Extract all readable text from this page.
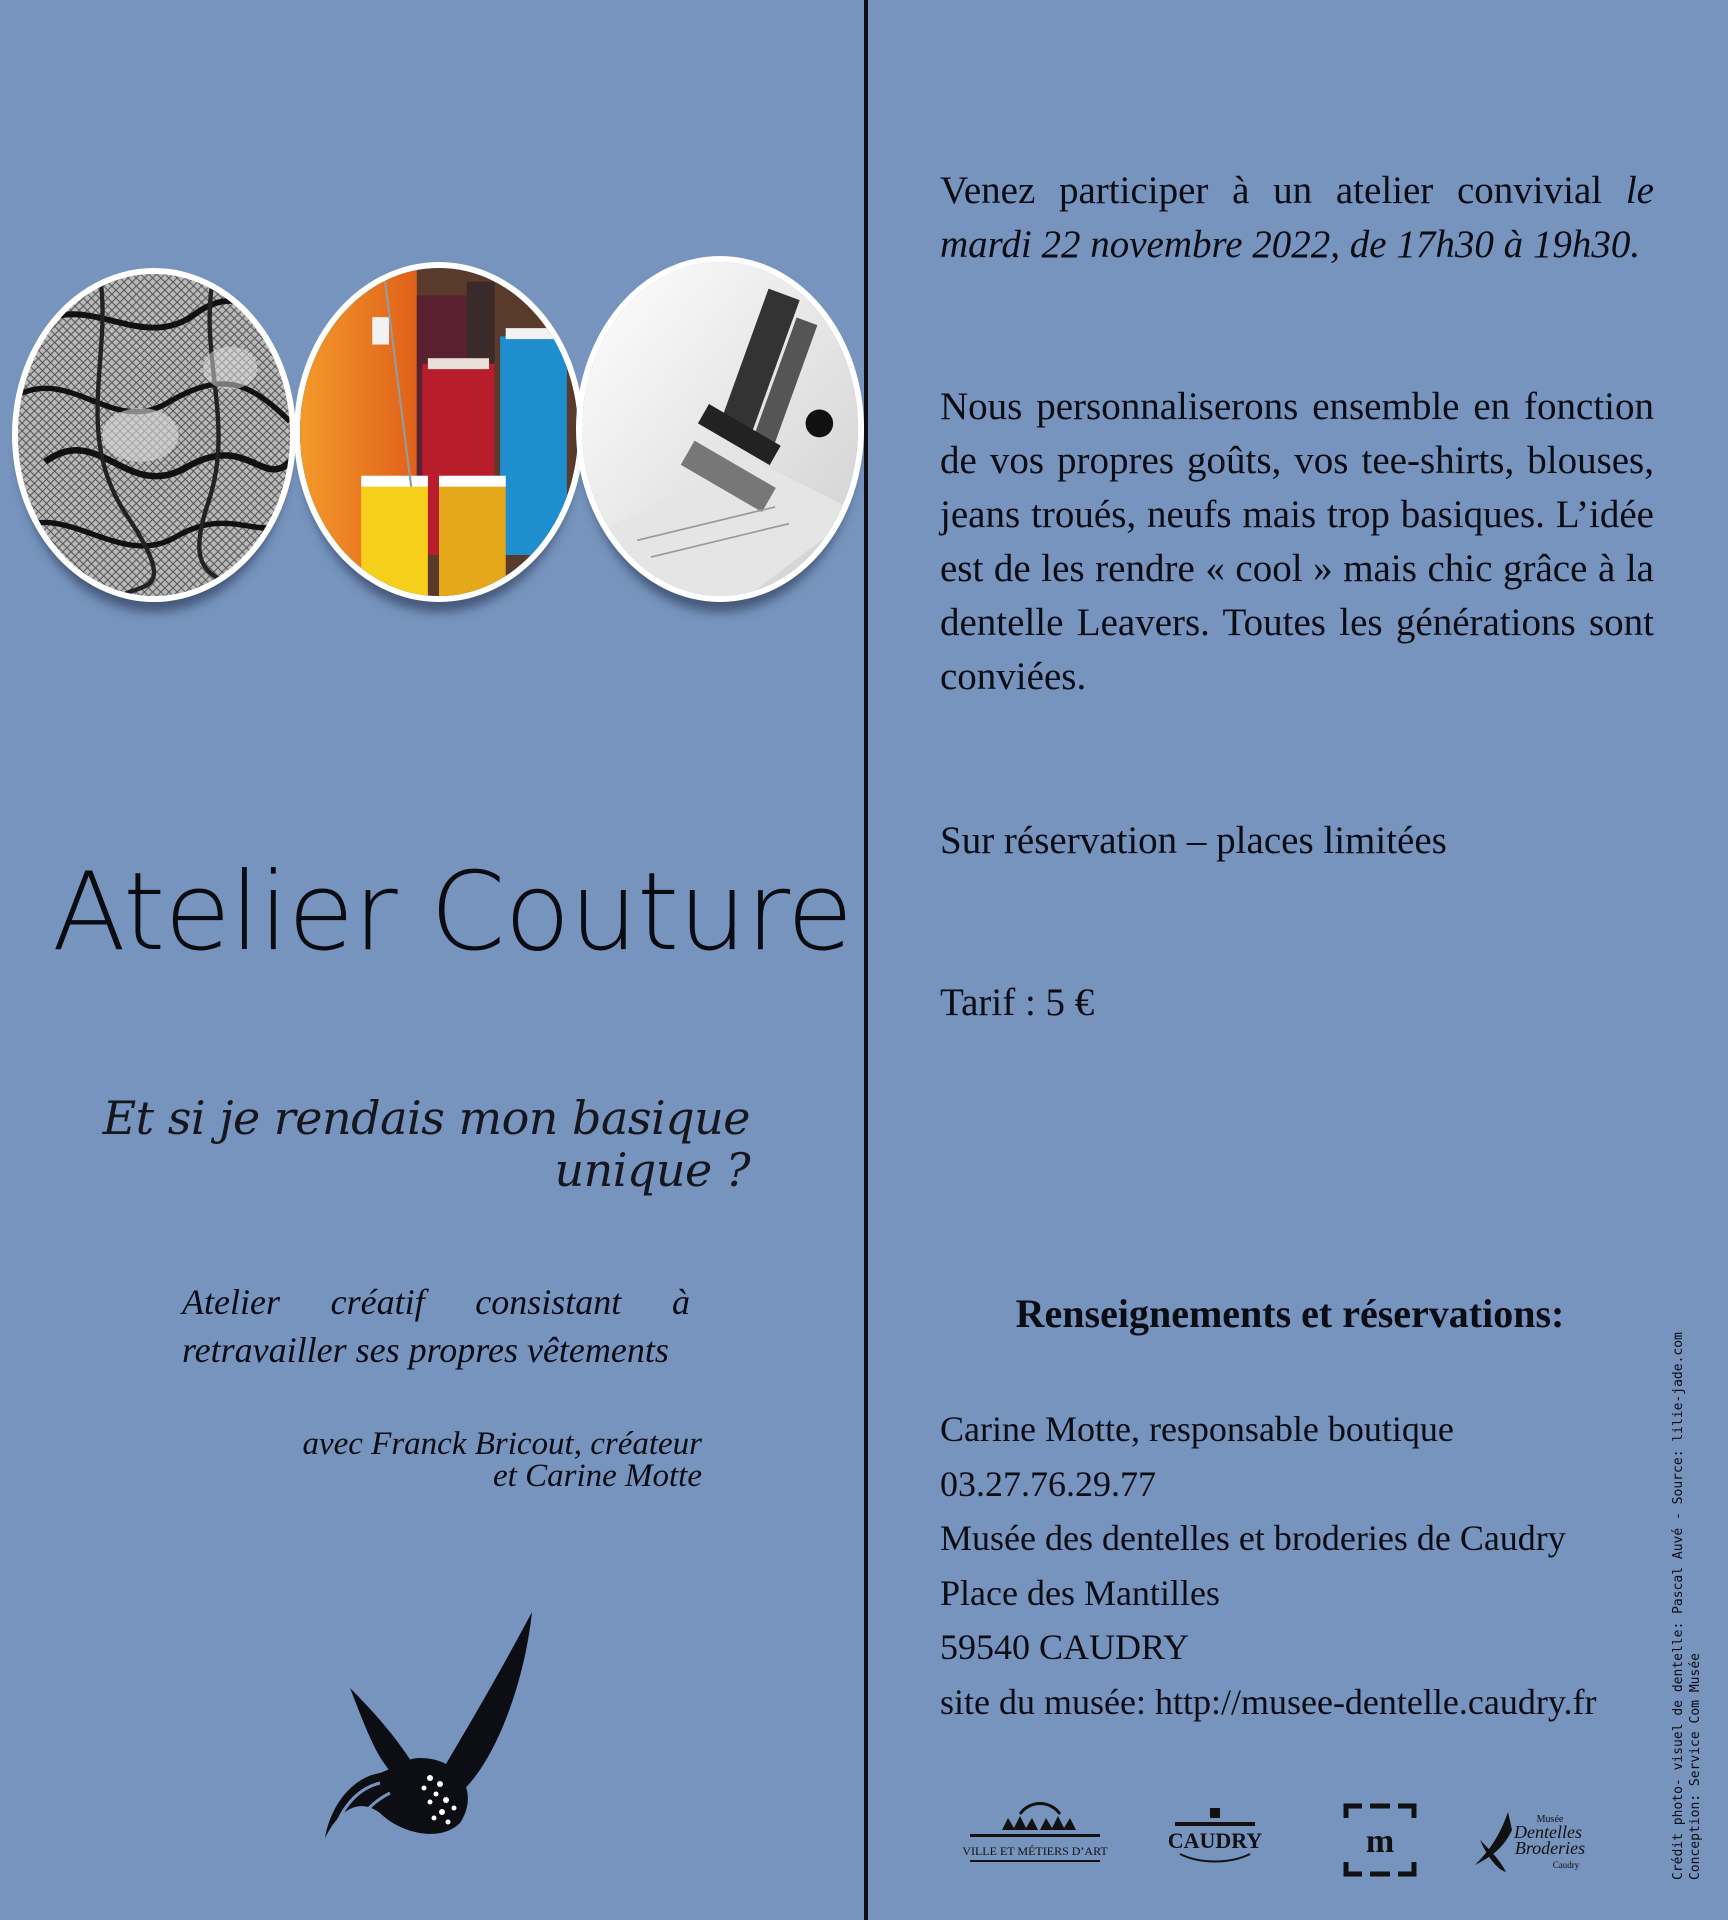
Atelier Couture
Et si je rendais mon basique unique ?
Atelier créatif consistant à retravailler ses propres vêtements
avec Franck Bricout, créateur
et Carine Motte
Venez participer à un atelier convivial le mardi 22 novembre 2022, de 17h30 à 19h30.
Nous personnaliserons ensemble en fonction de vos propres goûts, vos tee-shirts, blouses, jeans troués, neufs mais trop basiques. L’idée est de les rendre « cool » mais chic grâce à la dentelle Leavers. Toutes les générations sont conviées.
Sur réservation – places limitées
Tarif : 5 €
Renseignements et réservations:
Carine Motte, responsable boutique
03.27.76.29.77
Musée des dentelles et broderies de Caudry
Place des Mantilles
59540 CAUDRY
site du musée: http://musee-dentelle.caudry.fr	Crédit photo- visuel de dentelle: Pascal Auvé - Source: lilie-jade.com Conception: Service Com Musée
VILLE ET MÉTIERS D’ART	CAUDRY	m
Musée
Dentelles
Broderies
Caudry
